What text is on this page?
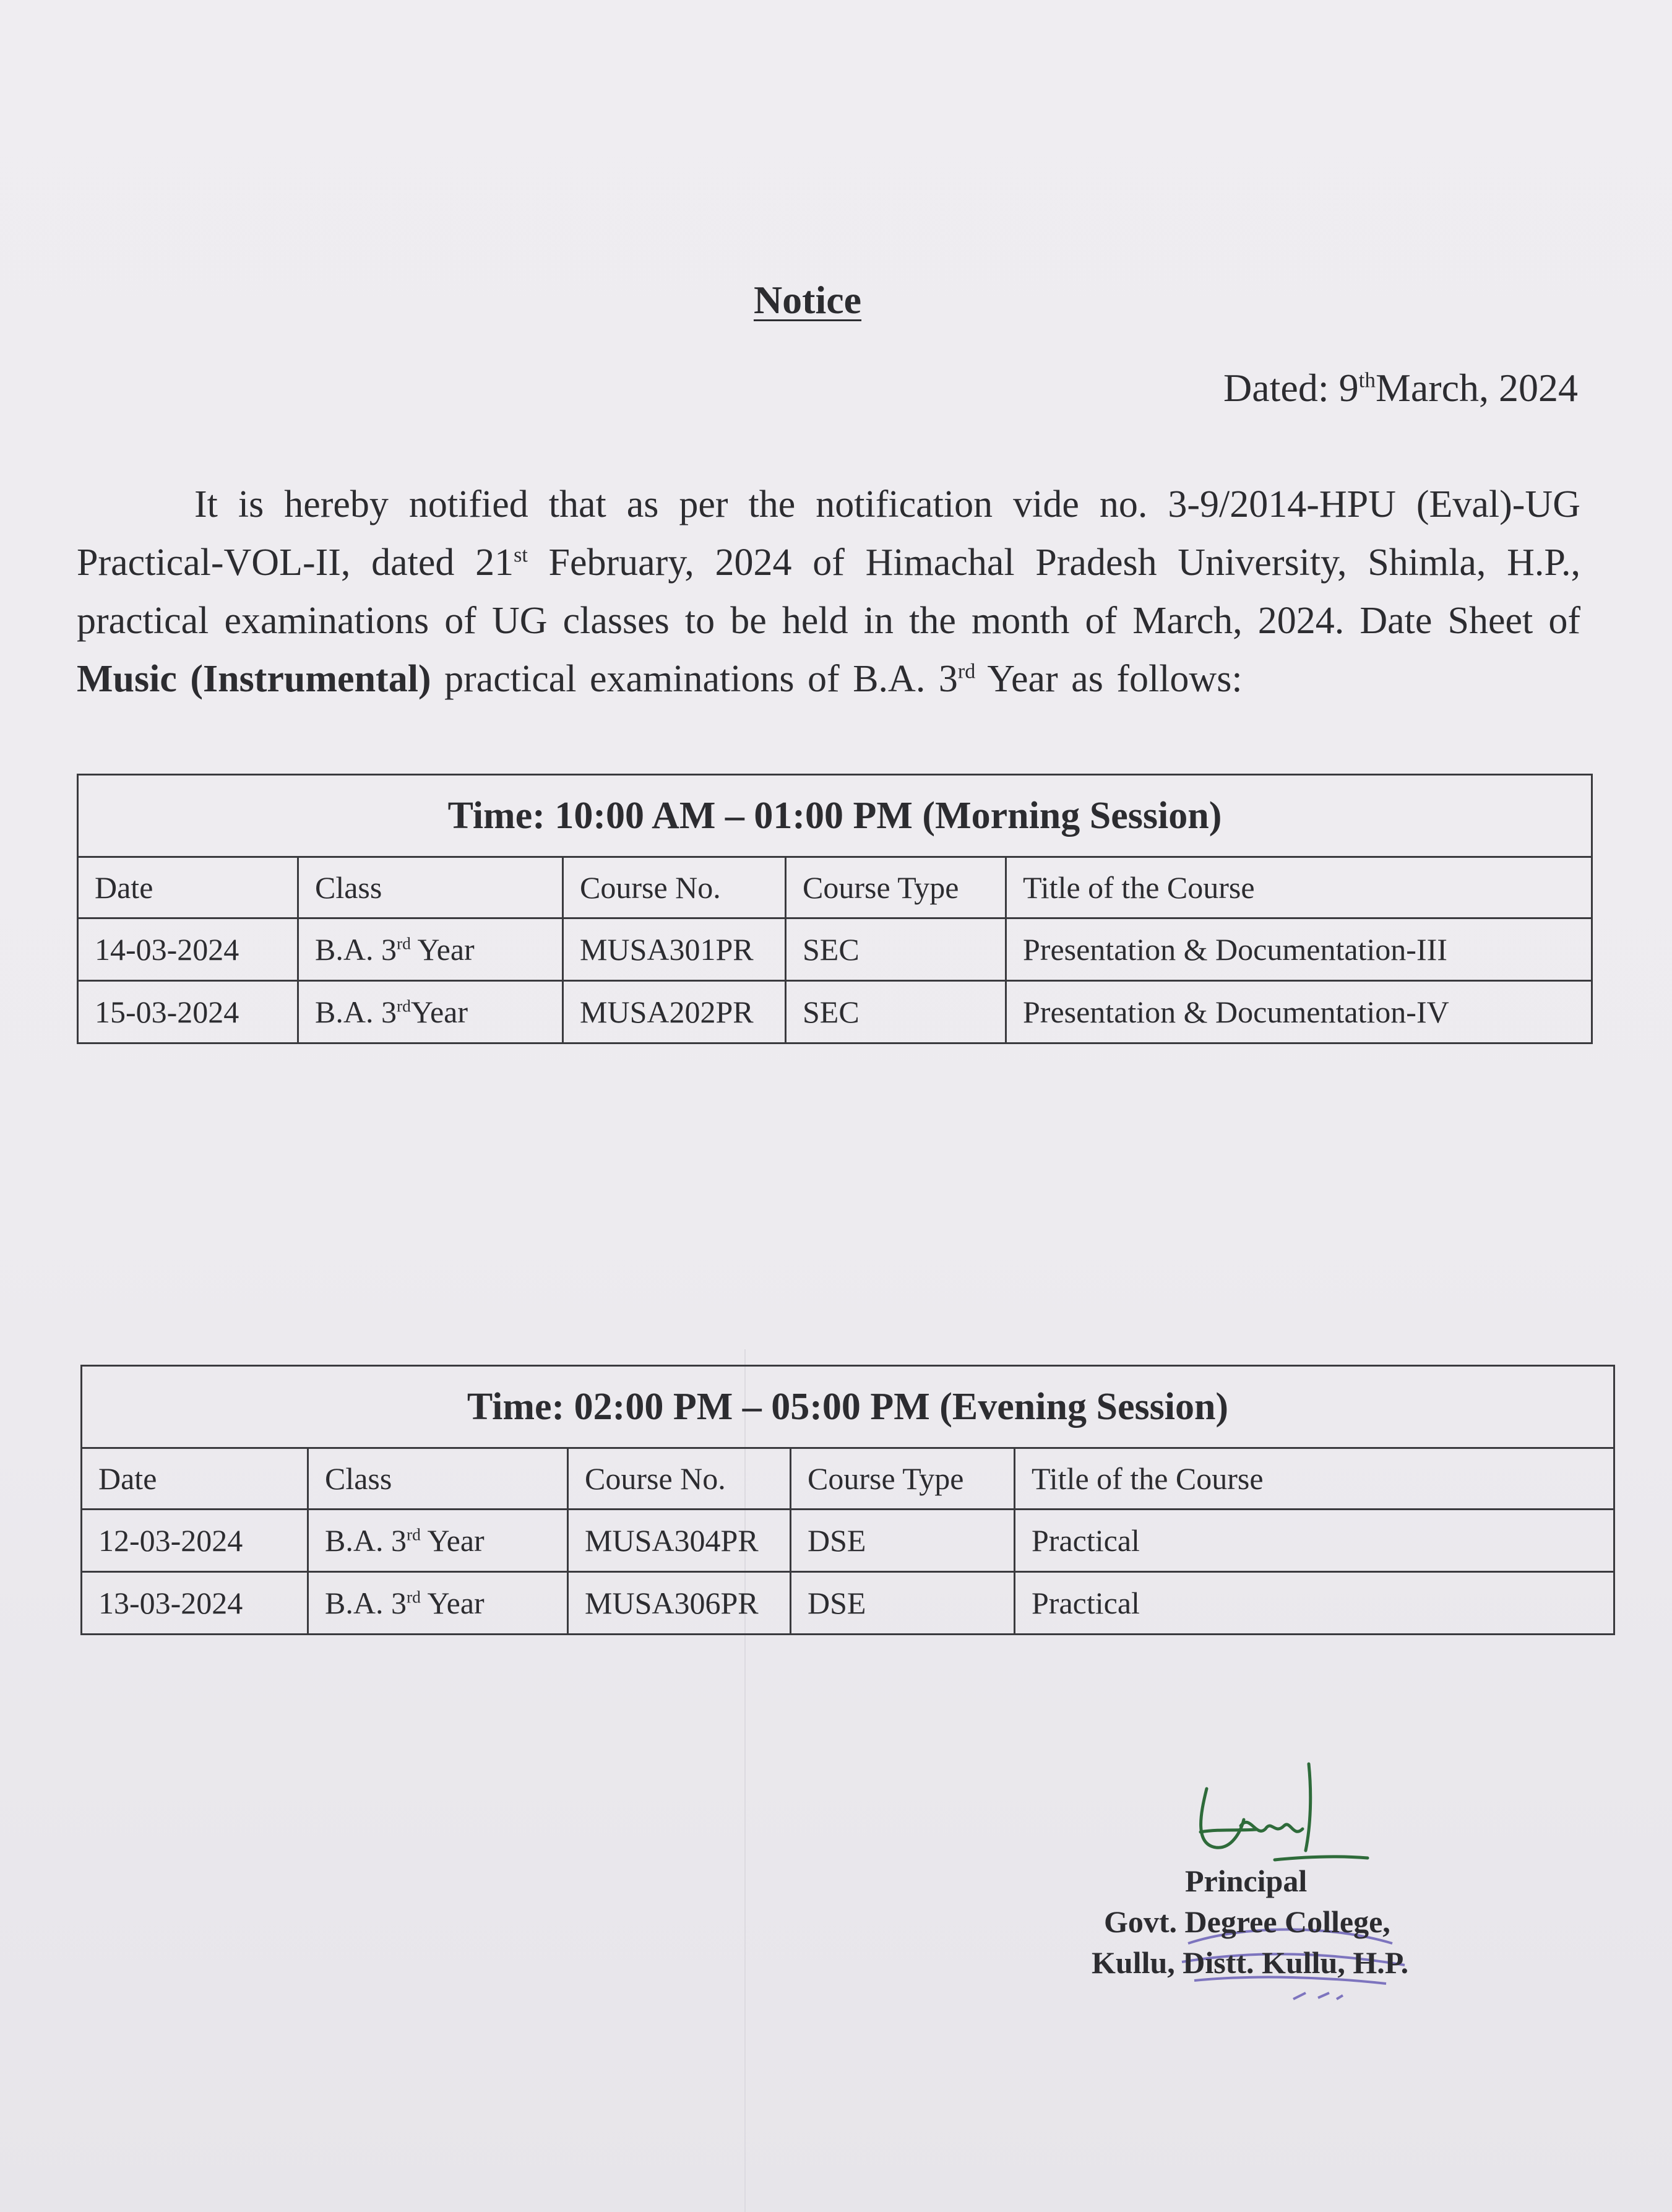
Notice
Dated: 9thMarch, 2024
It is hereby notified that as per the notification vide no. 3-9/2014-HPU (Eval)-UG Practical-VOL-II, dated 21st February, 2024 of Himachal Pradesh University, Shimla, H.P., practical examinations of UG classes to be held in the month of March, 2024. Date Sheet of Music (Instrumental) practical examinations of B.A. 3rd Year as follows:
Time: 10:00 AM – 01:00 PM (Morning Session)				
Date	Class	Course No.	Course Type	Title of the Course
14-03-2024	B.A. 3rd Year	MUSA301PR	SEC	Presentation & Documentation-III
15-03-2024	B.A. 3rdYear	MUSA202PR	SEC	Presentation & Documentation-IV
Time: 02:00 PM – 05:00 PM (Evening Session)				
Date	Class	Course No.	Course Type	Title of the Course
12-03-2024	B.A. 3rd Year	MUSA304PR	DSE	Practical
13-03-2024	B.A. 3rd Year	MUSA306PR	DSE	Practical
Principal
Govt. Degree College,
Kullu, Distt. Kullu, H.P.
